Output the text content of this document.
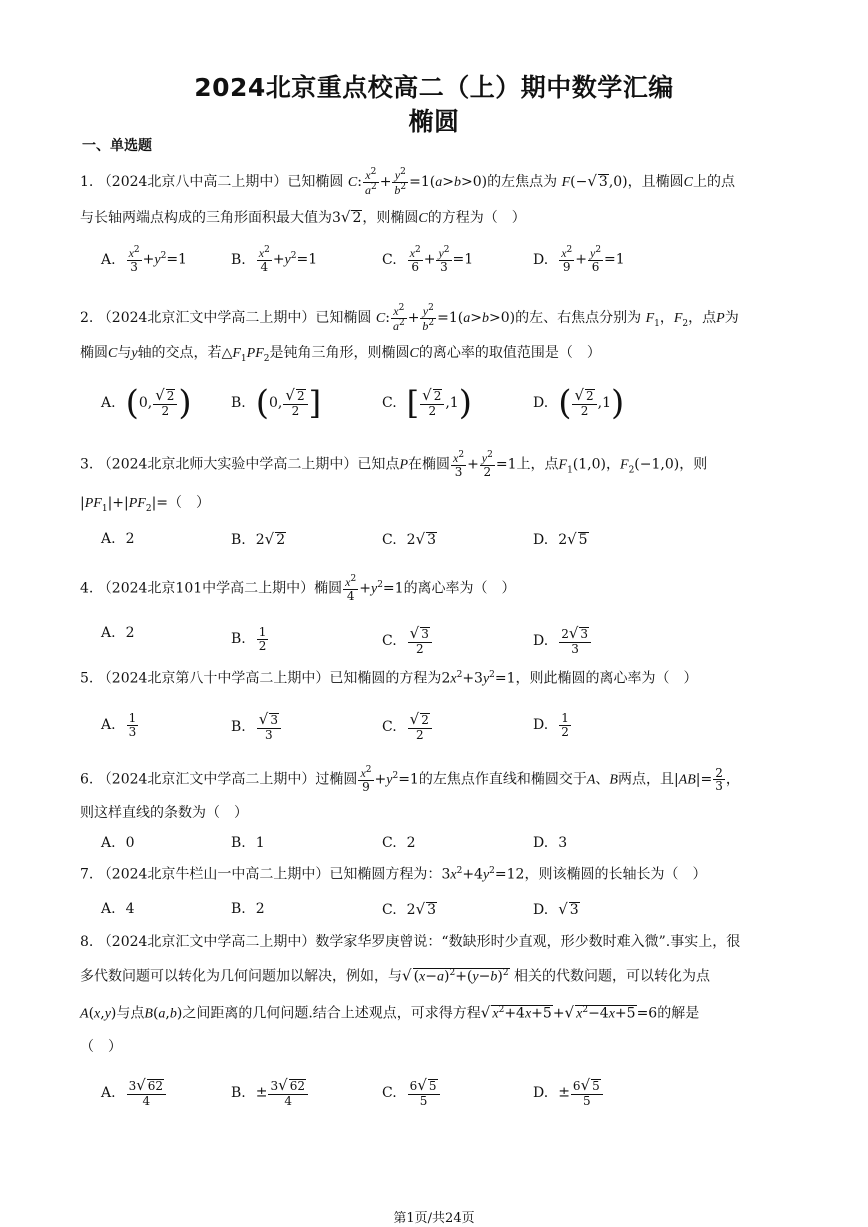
2024北京重点校高二（上）期中数学汇编
椭圆
一、单选题
1. （2024北京八中高二上期中）已知椭圆 C: $\frac{x^2}{a^2} + \frac{y^2}{b^2} =1(a>b>0)$的左焦点为 F(−√ 3,0)，且椭圆C上的点
与长轴两端点构成的三角形面积最大值为3√ 2，则椭圆C的方程为（　）
A. $\frac{x^2}{3} +y^2=1$	B. $\frac{x^2}{4} +y^2=1$	C. $\frac{x^2}{6} + \frac{y^2}{3} =1$	D. $\frac{x^2}{9} + \frac{y^2}{6} =1$
2. （2024北京汇文中学高二上期中）已知椭圆 C: $\frac{x^2}{a^2} + \frac{y^2}{b^2} =1(a>b>0)$的左、右焦点分别为 $F_1$，$F_2$，点P为
椭圆C与y轴的交点，若$\triangle F_1PF_2$是钝角三角形，则椭圆C的离心率的取值范围是（　）
A. (0, $\frac{√ 2}{2}$ )	B. (0, $\frac{√ 2}{2}$ ]	C. [ $\frac{√ 2}{2} ,1$)	D. ( $\frac{√ 2}{2} ,1$)
3. （2024北京北师大实验中学高二上期中）已知点P在椭圆 $\frac{x^2}{3} + \frac{y^2}{2} =1$上，点$F_1(1,0)$，$F_2(-1,0)$，则
$|PF_1|+|PF_2|=$（　）
A. 2	B. 2√ 2	C. 2√ 3	D. 2√ 5
4. （2024北京101中学高二上期中）椭圆 $\frac{x^2}{4} +y^2=1$的离心率为（　）
A. 2	B. $\frac{1}{2}$	C. $\frac{√ 3}{2}$	D. $\frac{2√ 3}{3}$
5. （2024北京第八十中学高二上期中）已知椭圆的方程为$2x^2+3y^2=1$，则此椭圆的离心率为（　）
A. $\frac{1}{3}$	B. $\frac{√ 3}{3}$	C. $\frac{√ 2}{2}$	D. $\frac{1}{2}$
6. （2024北京汇文中学高二上期中）过椭圆 $\frac{x^2}{9} +y^2=1$的左焦点作直线和椭圆交于A、B两点，且$|AB|= \frac{2}{3}$ ，
则这样直线的条数为（　）
A. 0	B. 1	C. 2	D. 3
7. （2024北京牛栏山一中高二上期中）已知椭圆方程为：$3x^2+4y^2=12$，则该椭圆的长轴长为（　）
A. 4	B. 2	C. 2√ 3	D. √ 3
8. （2024北京汇文中学高二上期中）数学家华罗庚曾说：“数缺形时少直观，形少数时难入微”.事实上，很
多代数问题可以转化为几何问题加以解决，例如，与√ $(x-a)^2+(y-b)^2$ 相关的代数问题，可以转化为点
A(x,y)与点B(a,b)之间距离的几何问题.结合上述观点，可求得方程√ $x^2+4x+5+√$ $x^2-4x+5=6$的解是
（　）
A. $\frac{3√ 62}{4}$	B. ± $\frac{3√ 62}{4}$	C. $\frac{6√ 5}{5}$	D. ± $\frac{6√ 5}{5}$
第1页/共24页
